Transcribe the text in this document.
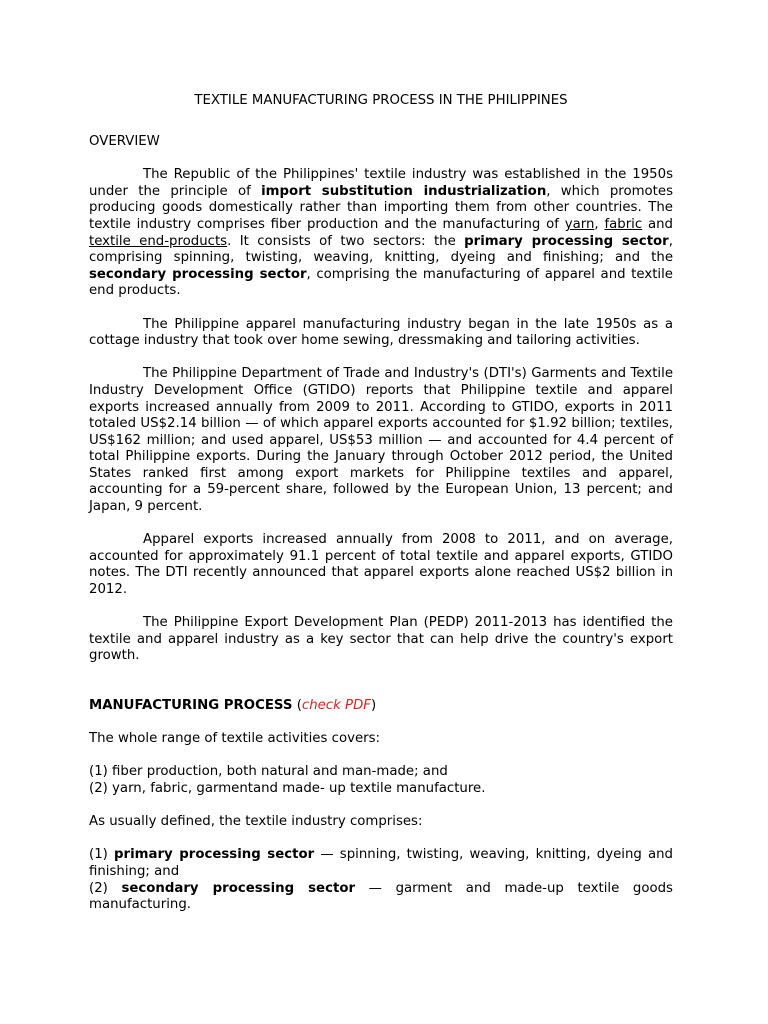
TEXTILE MANUFACTURING PROCESS IN THE PHILIPPINES

OVERVIEW

The Republic of the Philippines' textile industry was established in the 1950s under the principle of import substitution industrialization, which promotes producing goods domestically rather than importing them from other countries. The textile industry comprises fiber production and the manufacturing of yarn, fabric and textile end-products. It consists of two sectors: the primary processing sector, comprising spinning, twisting, weaving, knitting, dyeing and finishing; and the secondary processing sector, comprising the manufacturing of apparel and textile end products.

The Philippine apparel manufacturing industry began in the late 1950s as a cottage industry that took over home sewing, dressmaking and tailoring activities.

The Philippine Department of Trade and Industry's (DTI's) Garments and Textile Industry Development Office (GTIDO) reports that Philippine textile and apparel exports increased annually from 2009 to 2011. According to GTIDO, exports in 2011 totaled US$2.14 billion — of which apparel exports accounted for $1.92 billion; textiles, US$162 million; and used apparel, US$53 million — and accounted for 4.4 percent of total Philippine exports. During the January through October 2012 period, the United States ranked first among export markets for Philippine textiles and apparel, accounting for a 59-percent share, followed by the European Union, 13 percent; and Japan, 9 percent.

Apparel exports increased annually from 2008 to 2011, and on average, accounted for approximately 91.1 percent of total textile and apparel exports, GTIDO notes. The DTI recently announced that apparel exports alone reached US$2 billion in 2012.

The Philippine Export Development Plan (PEDP) 2011-2013 has identified the textile and apparel industry as a key sector that can help drive the country's export growth.

MANUFACTURING PROCESS (check PDF)

The whole range of textile activities covers:

(1) fiber production, both natural and man-made; and

(2) yarn, fabric, garmentand made- up textile manufacture.

As usually defined, the textile industry comprises:

(1) primary processing sector — spinning, twisting, weaving, knitting, dyeing and finishing; and

(2) secondary processing sector — garment and made-up textile goods manufacturing.
